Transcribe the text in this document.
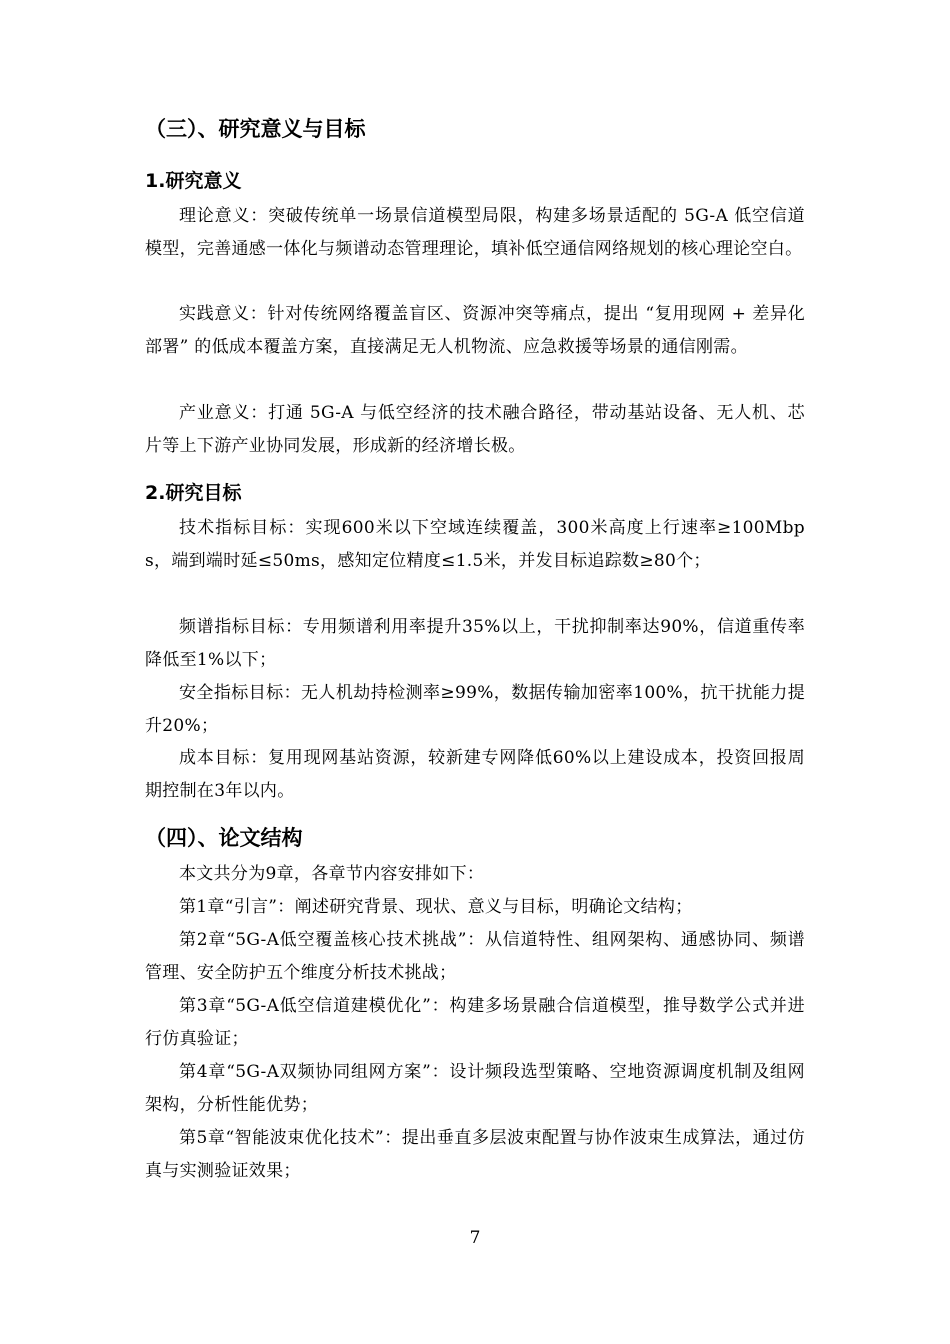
（三）、研究意义与目标
1.研究意义

理论意义：突破传统单一场景信道模型局限，构建多场景适配的 5G-A 低空信道模型，完善通感一体化与频谱动态管理理论，填补低空通信网络规划的核心理论空白。

实践意义：针对传统网络覆盖盲区、资源冲突等痛点，提出 “复用现网 + 差异化部署” 的低成本覆盖方案，直接满足无人机物流、应急救援等场景的通信刚需。

产业意义：打通 5G-A 与低空经济的技术融合路径，带动基站设备、无人机、芯片等上下游产业协同发展，形成新的经济增长极。

2.研究目标

技术指标目标：实现600米以下空域连续覆盖，300米高度上行速率≥100Mbps，端到端时延≤50ms，感知定位精度≤1.5米，并发目标追踪数≥80个；

频谱指标目标：专用频谱利用率提升35%以上，干扰抑制率达90%，信道重传率降低至1%以下；

安全指标目标：无人机劫持检测率≥99%，数据传输加密率100%，抗干扰能力提升20%；

成本目标：复用现网基站资源，较新建专网降低60%以上建设成本，投资回报周期控制在3年以内。

（四）、论文结构

本文共分为9章，各章节内容安排如下：

第1章“引言”：阐述研究背景、现状、意义与目标，明确论文结构；

第2章“5G-A低空覆盖核心技术挑战”：从信道特性、组网架构、通感协同、频谱管理、安全防护五个维度分析技术挑战；

第3章“5G-A低空信道建模优化”：构建多场景融合信道模型，推导数学公式并进行仿真验证；

第4章“5G-A双频协同组网方案”：设计频段选型策略、空地资源调度机制及组网架构，分析性能优势；

第5章“智能波束优化技术”：提出垂直多层波束配置与协作波束生成算法，通过仿真与实测验证效果；

7
